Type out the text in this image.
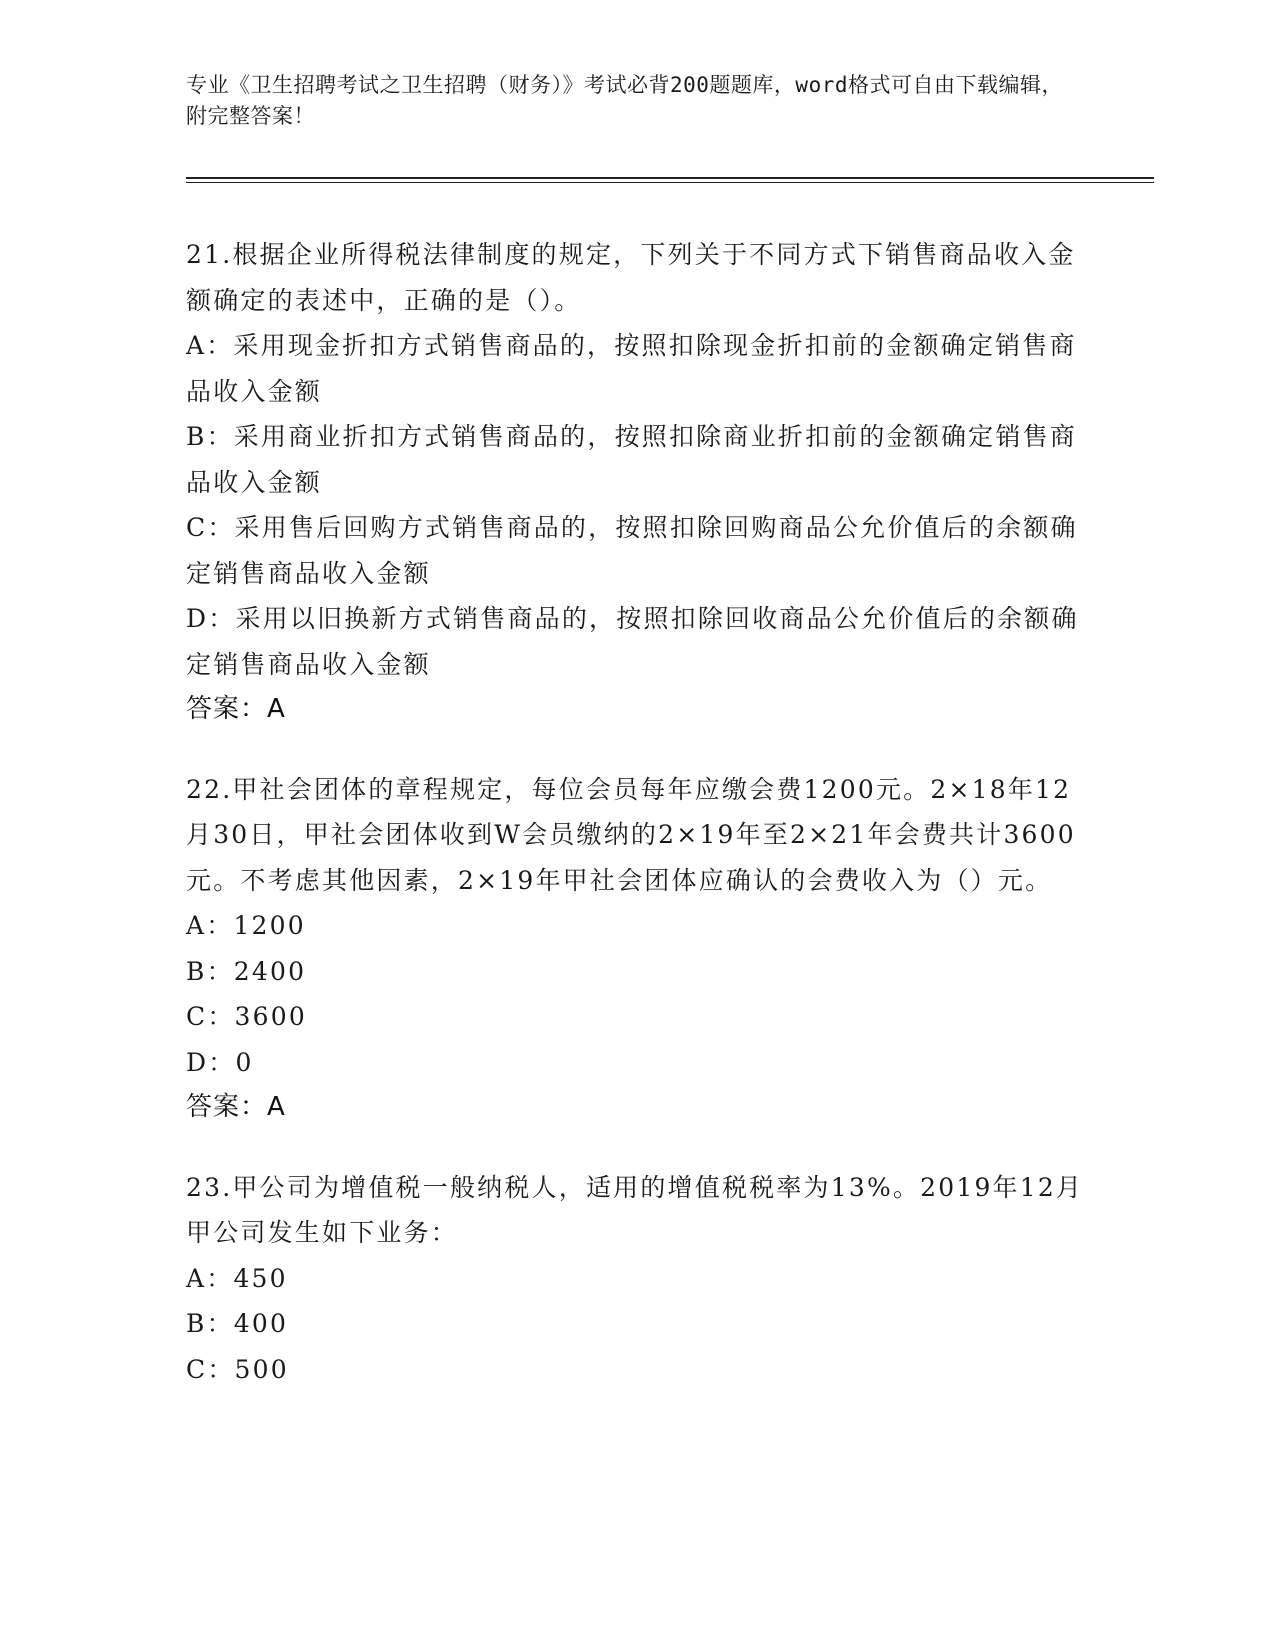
专业《卫生招聘考试之卫生招聘（财务）》考试必背200题题库，word格式可自由下载编辑，附完整答案！

21.根据企业所得税法律制度的规定，下列关于不同方式下销售商品收入金额确定的表述中，正确的是（）。

A：采用现金折扣方式销售商品的，按照扣除现金折扣前的金额确定销售商品收入金额

B：采用商业折扣方式销售商品的，按照扣除商业折扣前的金额确定销售商品收入金额

C：采用售后回购方式销售商品的，按照扣除回购商品公允价值后的余额确定销售商品收入金额

D：采用以旧换新方式销售商品的，按照扣除回收商品公允价值后的余额确定销售商品收入金额

答案：A

22.甲社会团体的章程规定，每位会员每年应缴会费1200元。2×18年12月30日，甲社会团体收到W会员缴纳的2×19年至2×21年会费共计3600元。不考虑其他因素，2×19年甲社会团体应确认的会费收入为（）元。

A：1200

B：2400

C：3600

D：0

答案：A

23.甲公司为增值税一般纳税人，适用的增值税税率为13%。2019年12月甲公司发生如下业务：

A：450

B：400

C：500
